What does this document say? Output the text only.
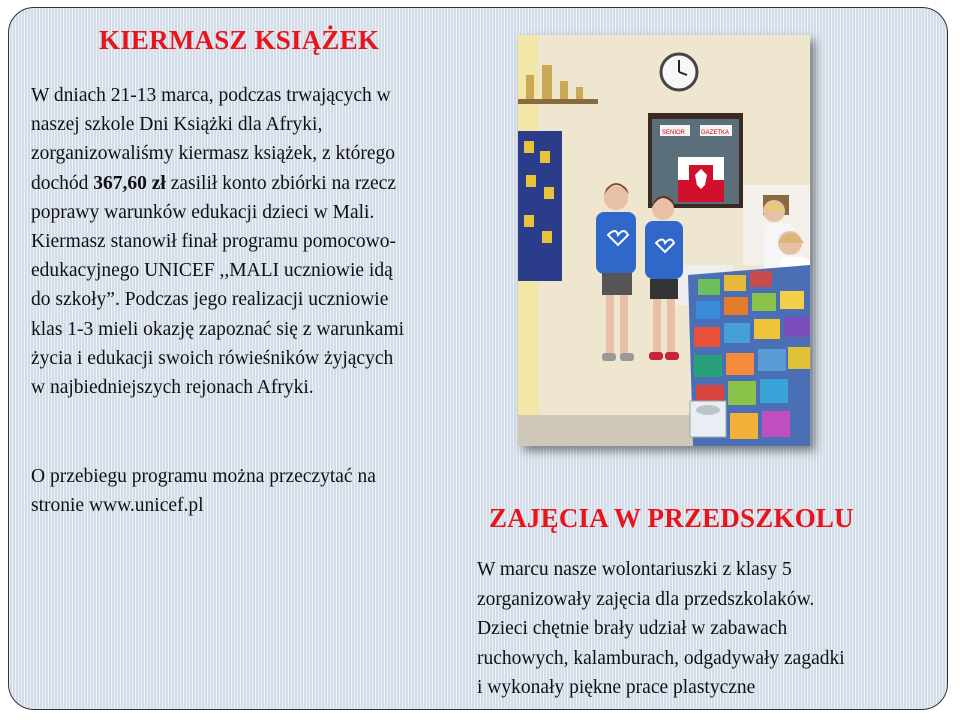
KIERMASZ KSIĄŻEK

W dniach 21-13 marca, podczas trwających w
naszej szkole Dni Książki dla Afryki,
zorganizowaliśmy kiermasz książek, z którego
dochód 367,60 zł zasilił konto zbiórki na rzecz
poprawy warunków edukacji dzieci w Mali.
Kiermasz stanowił finał programu pomocowo-
edukacyjnego UNICEF ,,MALI uczniowie idą
do szkoły”. Podczas jego realizacji uczniowie
klas 1-3 mieli okazję zapoznać się z warunkami
życia i edukacji swoich rówieśników żyjących
w najbiedniejszych rejonach Afryki.

O przebiegu programu można przeczytać na
stronie www.unicef.pl

SENIOR	GAZETKA
ZAJĘCIA W PRZEDSZKOLU

W marcu nasze wolontariuszki z klasy 5
zorganizowały zajęcia dla przedszkolaków.
Dzieci chętnie brały udział w zabawach
ruchowych, kalamburach, odgadywały zagadki
i wykonały piękne prace plastyczne
